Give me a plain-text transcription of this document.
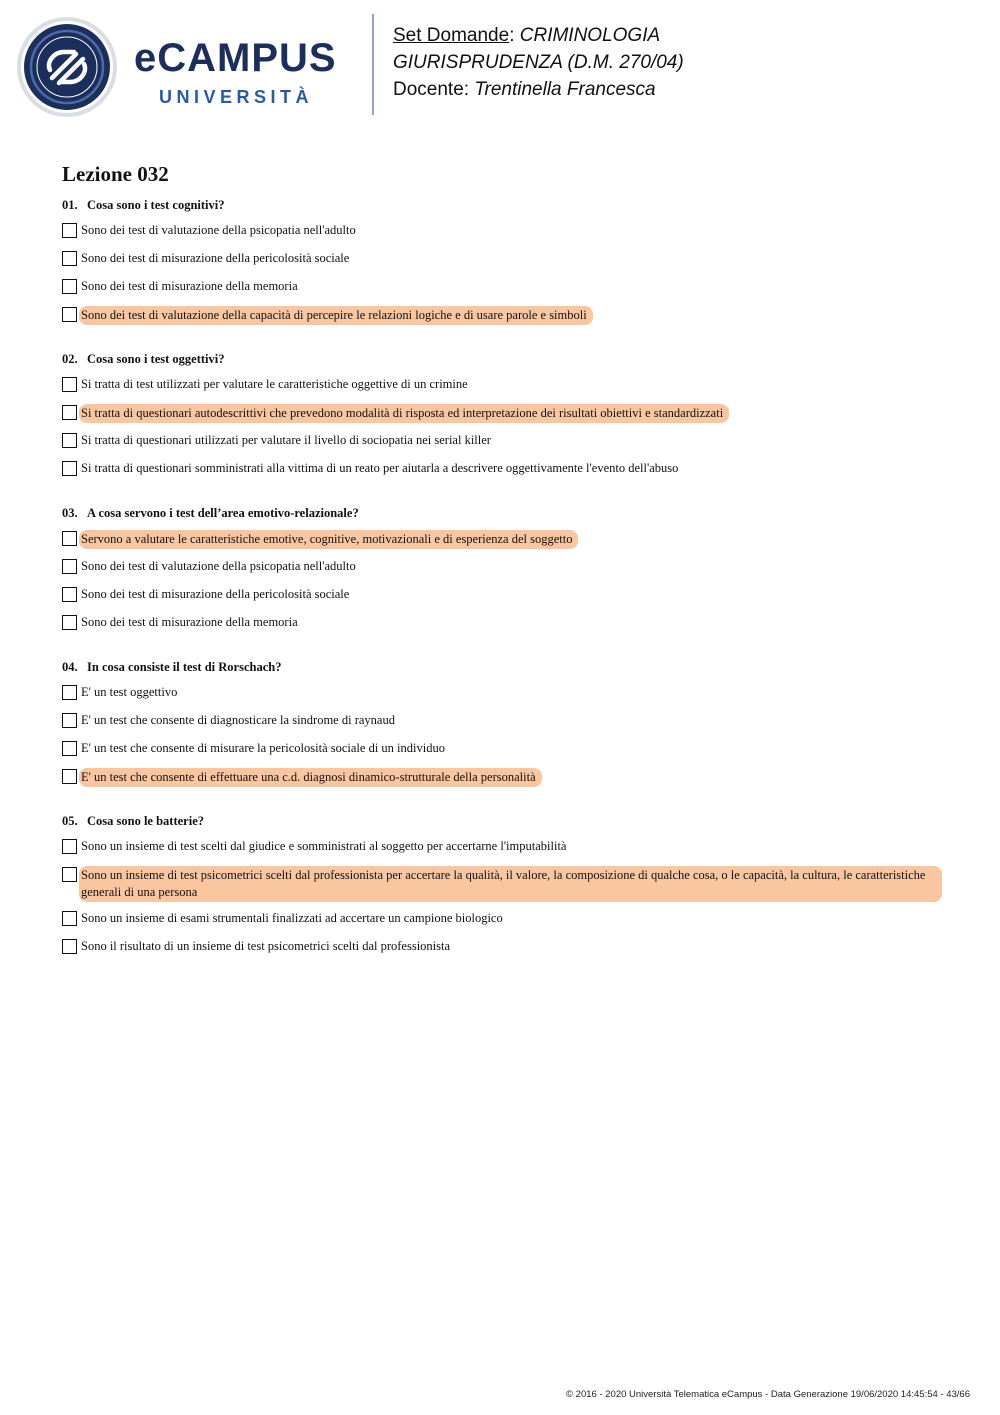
eCAMPUS
UNIVERSITÀ
Set Domande: CRIMINOLOGIA
GIURISPRUDENZA (D.M. 270/04)
Docente: Trentinella Francesca
Lezione 032
01. Cosa sono i test cognitivi?
Sono dei test di valutazione della psicopatia nell'adulto
Sono dei test di misurazione della pericolosità sociale
Sono dei test di misurazione della memoria
Sono dei test di valutazione della capacità di percepire le relazioni logiche e di usare parole e simboli
02. Cosa sono i test oggettivi?
Si tratta di test utilizzati per valutare le caratteristiche oggettive di un crimine
Si tratta di questionari autodescrittivi che prevedono modalità di risposta ed interpretazione dei risultati obiettivi e standardizzati
Si tratta di questionari utilizzati per valutare il livello di sociopatia nei serial killer
Si tratta di questionari somministrati alla vittima di un reato per aiutarla a descrivere oggettivamente l'evento dell'abuso
03. A cosa servono i test dell’area emotivo-relazionale?
Servono a valutare le caratteristiche emotive, cognitive, motivazionali e di esperienza del soggetto
Sono dei test di valutazione della psicopatia nell'adulto
Sono dei test di misurazione della pericolosità sociale
Sono dei test di misurazione della memoria
04. In cosa consiste il test di Rorschach?
E' un test oggettivo
E' un test che consente di diagnosticare la sindrome di raynaud
E' un test che consente di misurare la pericolosità sociale di un individuo
E' un test che consente di effettuare una c.d. diagnosi dinamico-strutturale della personalità
05. Cosa sono le batterie?
Sono un insieme di test scelti dal giudice e somministrati al soggetto per accertarne l'imputabilità
Sono un insieme di test psicometrici scelti dal professionista per accertare la qualità, il valore, la composizione di qualche cosa, o le capacità, la cultura, le caratteristiche generali di una persona
Sono un insieme di esami strumentali finalizzati ad accertare un campione biologico
Sono il risultato di un insieme di test psicometrici scelti dal professionista
© 2016 - 2020 Università Telematica eCampus - Data Generazione 19/06/2020 14:45:54 - 43/66
